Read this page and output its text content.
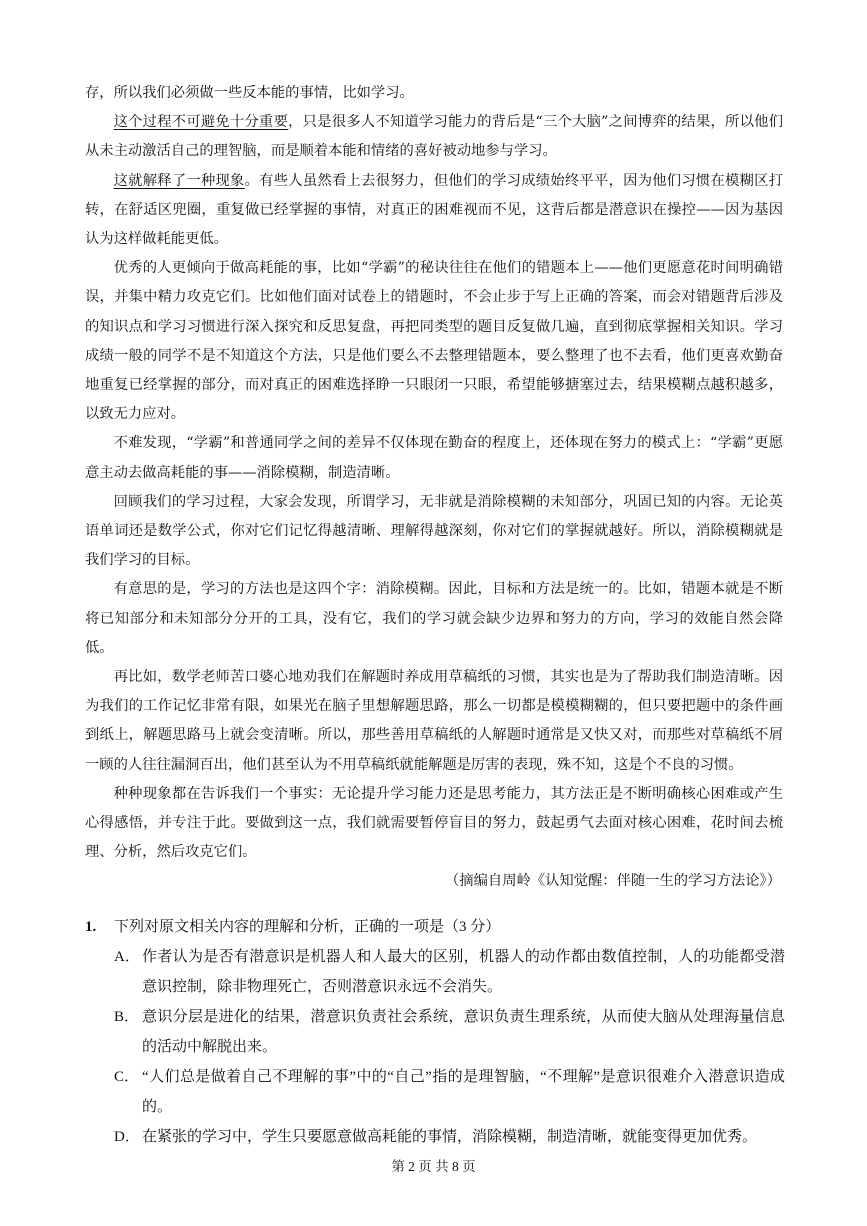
存，所以我们必须做一些反本能的事情，比如学习。

这个过程不可避免十分重要，只是很多人不知道学习能力的背后是“三个大脑”之间博弈的结果，所以他们从未主动激活自己的理智脑，而是顺着本能和情绪的喜好被动地参与学习。

这就解释了一种现象。有些人虽然看上去很努力，但他们的学习成绩始终平平，因为他们习惯在模糊区打转，在舒适区兜圈，重复做已经掌握的事情，对真正的困难视而不见，这背后都是潜意识在操控——因为基因认为这样做耗能更低。

优秀的人更倾向于做高耗能的事，比如“学霸”的秘诀往往在他们的错题本上——他们更愿意花时间明确错误，并集中精力攻克它们。比如他们面对试卷上的错题时，不会止步于写上正确的答案，而会对错题背后涉及的知识点和学习习惯进行深入探究和反思复盘，再把同类型的题目反复做几遍，直到彻底掌握相关知识。学习成绩一般的同学不是不知道这个方法，只是他们要么不去整理错题本，要么整理了也不去看，他们更喜欢勤奋地重复已经掌握的部分，而对真正的困难选择睁一只眼闭一只眼，希望能够搪塞过去，结果模糊点越积越多，以致无力应对。

不难发现，“学霸”和普通同学之间的差异不仅体现在勤奋的程度上，还体现在努力的模式上：“学霸”更愿意主动去做高耗能的事——消除模糊，制造清晰。

回顾我们的学习过程，大家会发现，所谓学习，无非就是消除模糊的未知部分，巩固已知的内容。无论英语单词还是数学公式，你对它们记忆得越清晰、理解得越深刻，你对它们的掌握就越好。所以，消除模糊就是我们学习的目标。

有意思的是，学习的方法也是这四个字：消除模糊。因此，目标和方法是统一的。比如，错题本就是不断将已知部分和未知部分分开的工具，没有它，我们的学习就会缺少边界和努力的方向，学习的效能自然会降低。

再比如，数学老师苦口婆心地劝我们在解题时养成用草稿纸的习惯，其实也是为了帮助我们制造清晰。因为我们的工作记忆非常有限，如果光在脑子里想解题思路，那么一切都是模模糊糊的，但只要把题中的条件画到纸上，解题思路马上就会变清晰。所以，那些善用草稿纸的人解题时通常是又快又对，而那些对草稿纸不屑一顾的人往往漏洞百出，他们甚至认为不用草稿纸就能解题是厉害的表现，殊不知，这是个不良的习惯。

种种现象都在告诉我们一个事实：无论提升学习能力还是思考能力，其方法正是不断明确核心困难或产生心得感悟，并专注于此。要做到这一点，我们就需要暂停盲目的努力，鼓起勇气去面对核心困难，花时间去梳理、分析，然后攻克它们。

（摘编自周岭《认知觉醒：伴随一生的学习方法论》）

1.	下列对原文相关内容的理解和分析，正确的一项是（3 分）
A． 作者认为是否有潜意识是机器人和人最大的区别，机器人的动作都由数值控制，人的功能都受潜意识控制，除非物理死亡，否则潜意识永远不会消失。
B． 意识分层是进化的结果，潜意识负责社会系统，意识负责生理系统，从而使大脑从处理海量信息的活动中解脱出来。
C． “人们总是做着自己不理解的事”中的“自己”指的是理智脑，“不理解”是意识很难介入潜意识造成的。
D． 在紧张的学习中，学生只要愿意做高耗能的事情，消除模糊，制造清晰，就能变得更加优秀。
第 2 页 共 8 页
